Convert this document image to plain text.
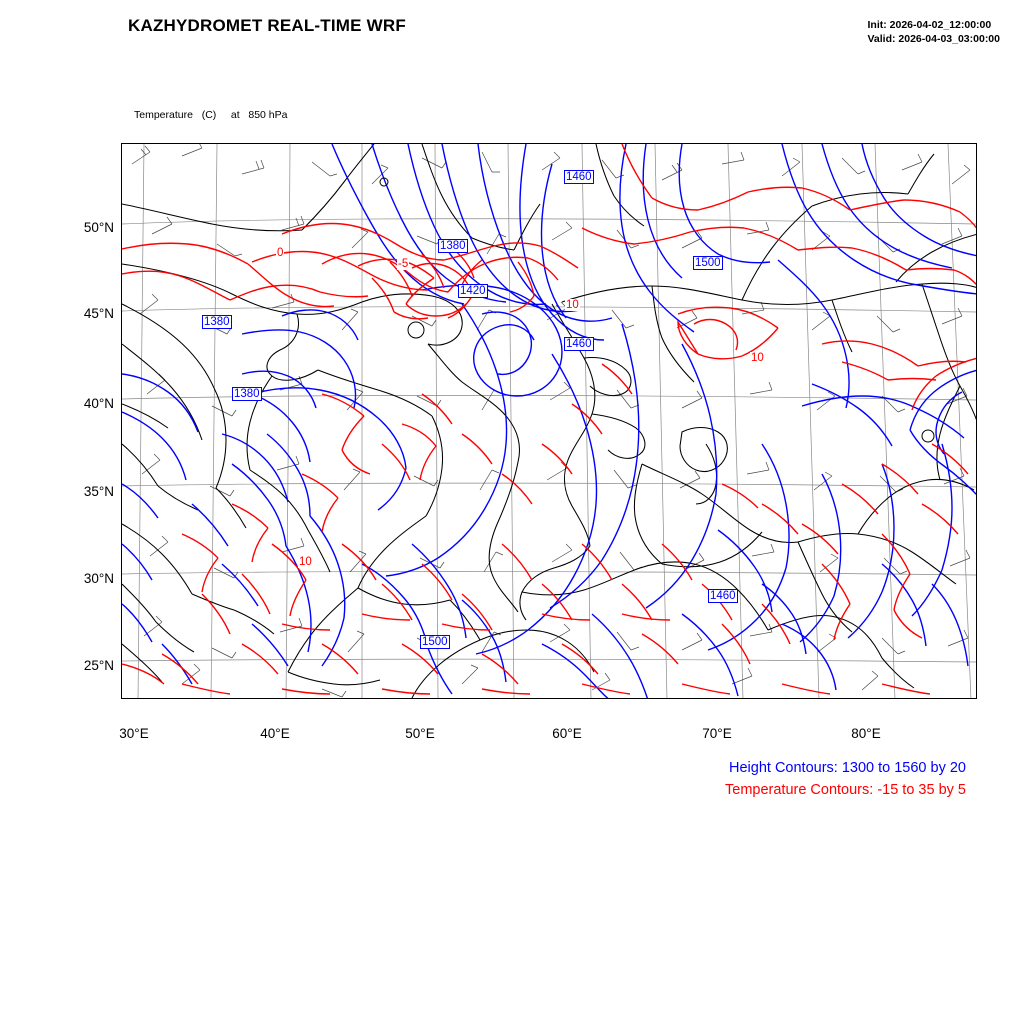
KAZHYDROMET REAL-TIME WRF	Init: 2026-04-02_12:00:00
Valid: 2026-04-03_03:00:00

Temperature   (C)     at   850 hPa

50°N
45°N
40°N
35°N
30°N
25°N
30°E	40°E	50°E	60°E	70°E	80°E
1460
1380
1420
1500
1460
1380
1380
1460
1500
0
-5
10
10
10
Height Contours: 1300 to 1560 by 20
Temperature Contours: -15 to 35 by 5
